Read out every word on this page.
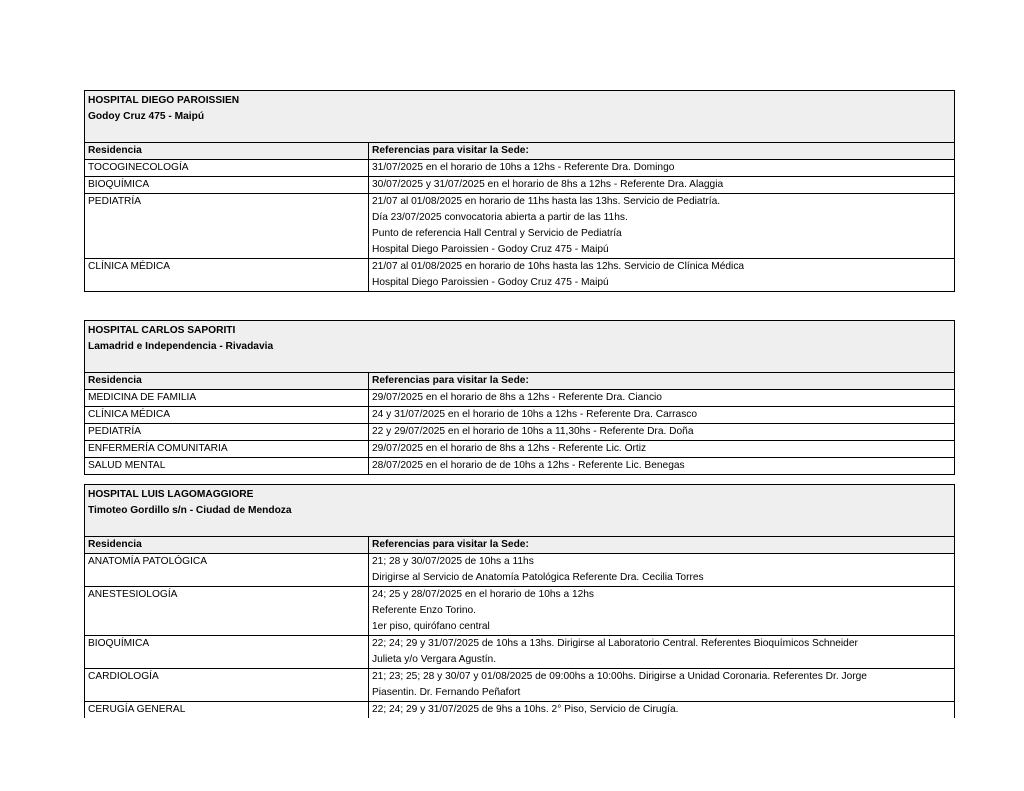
HOSPITAL DIEGO PAROISSIEN
Godoy Cruz 475 - Maipú
Residencia	Referencias para visitar la Sede:
TOCOGINECOLOGÍA	31/07/2025 en el horario de 10hs a 12hs - Referente Dra. Domingo
BIOQUÍMICA	30/07/2025 y 31/07/2025 en el horario de 8hs a 12hs - Referente Dra. Alaggia
PEDIATRÍA	21/07 al 01/08/2025 en horario de 11hs hasta las 13hs. Servicio de Pediatría.
Día 23/07/2025 convocatoria abierta a partir de las 11hs.
Punto de referencia Hall Central y Servicio de Pediatría
Hospital Diego Paroissien - Godoy Cruz 475 - Maipú
CLÍNICA MÉDICA	21/07 al 01/08/2025 en horario de 10hs hasta las 12hs. Servicio de Clínica Médica
Hospital Diego Paroissien - Godoy Cruz 475 - Maipú
HOSPITAL CARLOS SAPORITI
Lamadrid e Independencia - Rivadavia
Residencia	Referencias para visitar la Sede:
MEDICINA DE FAMILIA	29/07/2025 en el horario de 8hs a 12hs - Referente Dra. Ciancio
CLÍNICA MÉDICA	24 y 31/07/2025 en el horario de 10hs a 12hs - Referente Dra. Carrasco
PEDIATRÍA	22 y 29/07/2025 en el horario de 10hs a 11,30hs - Referente Dra. Doña
ENFERMERÍA COMUNITARIA	29/07/2025 en el horario de 8hs a 12hs - Referente Lic. Ortiz
SALUD MENTAL	28/07/2025 en el horario de de 10hs a 12hs - Referente Lic. Benegas
HOSPITAL LUIS LAGOMAGGIORE
Timoteo Gordillo s/n - Ciudad de Mendoza
Residencia	Referencias para visitar la Sede:
ANATOMÍA PATOLÓGICA	21; 28 y 30/07/2025 de 10hs a 11hs
Dirigirse al Servicio de Anatomía Patológica Referente Dra. Cecilia Torres
ANESTESIOLOGÍA	24; 25 y 28/07/2025 en el horario de 10hs a 12hs
Referente Enzo Torino.
1er piso, quirófano central
BIOQUÍMICA	22; 24; 29 y 31/07/2025 de 10hs a 13hs. Dirigirse al Laboratorio Central. Referentes Bioquímicos Schneider
Julieta y/o Vergara Agustín.
CARDIOLOGÍA	21; 23; 25; 28 y 30/07 y 01/08/2025 de 09:00hs a 10:00hs. Dirigirse a Unidad Coronaria. Referentes Dr. Jorge
Piasentin. Dr. Fernando Peñafort
CERUGÍA GENERAL	22; 24; 29 y 31/07/2025 de 9hs a 10hs. 2° Piso, Servicio de Cirugía.
